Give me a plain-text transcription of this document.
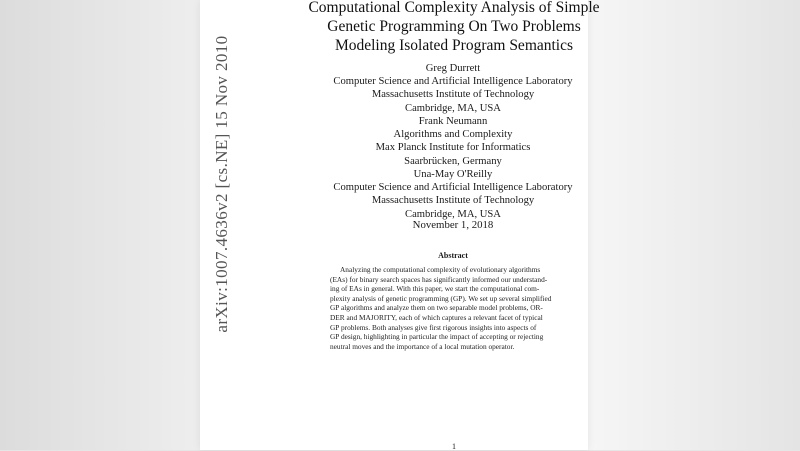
arXiv:1007.4636v2 [cs.NE] 15 Nov 2010
Computational Complexity Analysis of Simple
Genetic Programming On Two Problems
Modeling Isolated Program Semantics
Greg Durrett
Computer Science and Artificial Intelligence Laboratory
Massachusetts Institute of Technology
Cambridge, MA, USA
Frank Neumann
Algorithms and Complexity
Max Planck Institute for Informatics
Saarbrücken, Germany
Una-May O'Reilly
Computer Science and Artificial Intelligence Laboratory
Massachusetts Institute of Technology
Cambridge, MA, USA
November 1, 2018
Abstract
Analyzing the computational complexity of evolutionary algorithms
(EAs) for binary search spaces has significantly informed our understand-
ing of EAs in general. With this paper, we start the computational com-
plexity analysis of genetic programming (GP). We set up several simplified
GP algorithms and analyze them on two separable model problems, OR-
DER and MAJORITY, each of which captures a relevant facet of typical
GP problems. Both analyses give first rigorous insights into aspects of
GP design, highlighting in particular the impact of accepting or rejecting
neutral moves and the importance of a local mutation operator.
1
